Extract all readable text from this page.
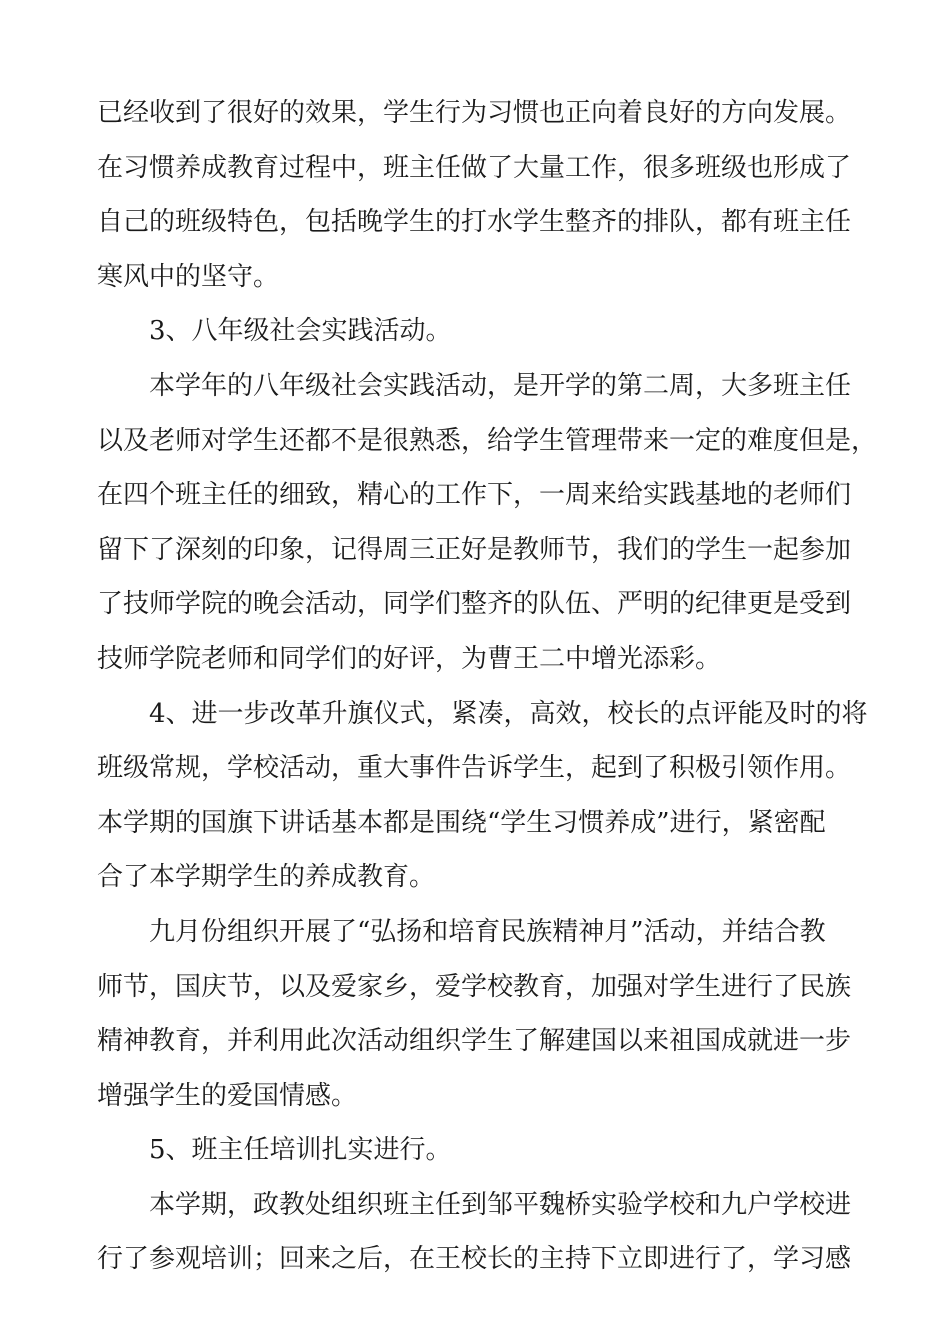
已经收到了很好的效果，学生行为习惯也正向着良好的方向发展。
在习惯养成教育过程中，班主任做了大量工作，很多班级也形成了
自己的班级特色，包括晚学生的打水学生整齐的排队，都有班主任
寒风中的坚守。
3、八年级社会实践活动。
本学年的八年级社会实践活动，是开学的第二周，大多班主任
以及老师对学生还都不是很熟悉，给学生管理带来一定的难度但是，
在四个班主任的细致，精心的工作下，一周来给实践基地的老师们
留下了深刻的印象，记得周三正好是教师节，我们的学生一起参加
了技师学院的晚会活动，同学们整齐的队伍、严明的纪律更是受到
技师学院老师和同学们的好评，为曹王二中增光添彩。
4、进一步改革升旗仪式，紧凑，高效，校长的点评能及时的将
班级常规，学校活动，重大事件告诉学生，起到了积极引领作用。
本学期的国旗下讲话基本都是围绕“学生习惯养成”进行，紧密配
合了本学期学生的养成教育。
九月份组织开展了“弘扬和培育民族精神月”活动，并结合教
师节，国庆节，以及爱家乡，爱学校教育，加强对学生进行了民族
精神教育，并利用此次活动组织学生了解建国以来祖国成就进一步
增强学生的爱国情感。
5、班主任培训扎实进行。
本学期，政教处组织班主任到邹平魏桥实验学校和九户学校进
行了参观培训；回来之后，在王校长的主持下立即进行了，学习感
